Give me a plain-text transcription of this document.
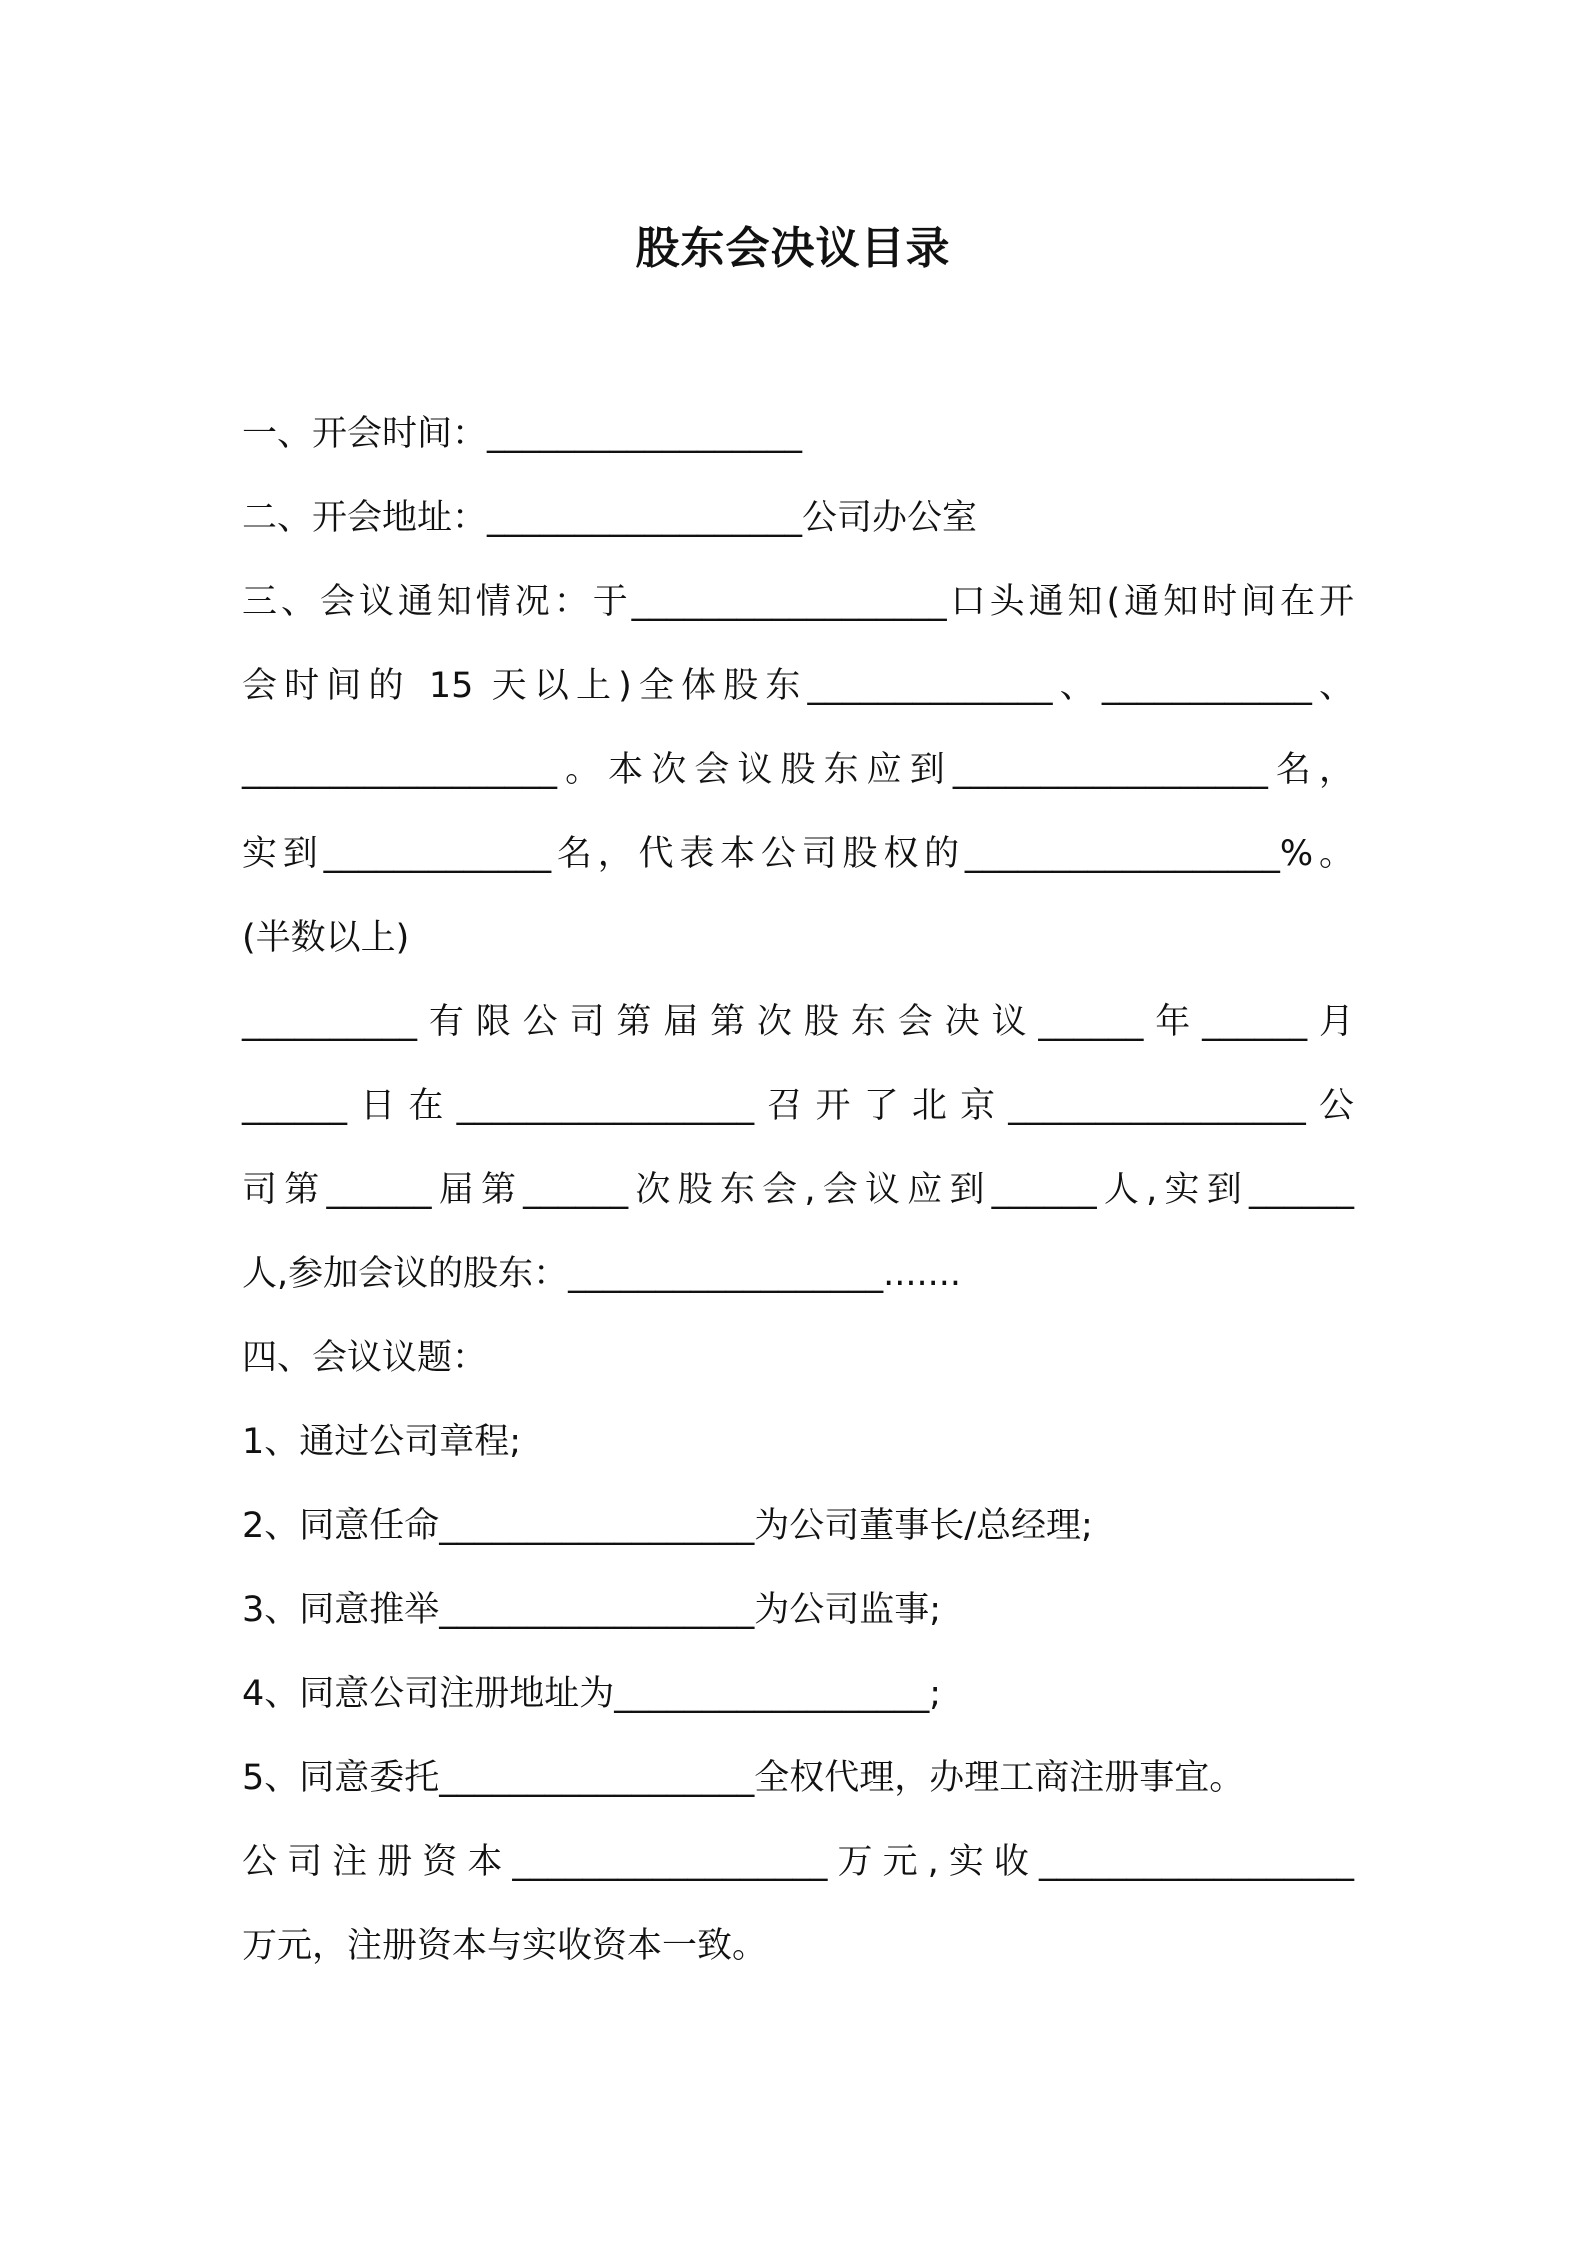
股东会决议目录
一、开会时间：__________________
二、开会地址：__________________公司办公室
三、会议通知情况：于__________________口头通知(通知时间在开
会时间的 15 天以上)全体股东______________、____________、
__________________。本次会议股东应到__________________名，
实到_____________名，代表本公司股权的__________________%。
(半数以上)
__________有限公司第届第次股东会决议______年______月
______日在_________________召开了北京_________________公
司第______届第______次股东会,会议应到______人,实到______
人,参加会议的股东：__________________.......
四、会议议题：
1、通过公司章程;
2、同意任命__________________为公司董事长/总经理;
3、同意推举__________________为公司监事;
4、同意公司注册地址为__________________;
5、同意委托__________________全权代理，办理工商注册事宜。
公司注册资本__________________万元,实收__________________
万元，注册资本与实收资本一致。
